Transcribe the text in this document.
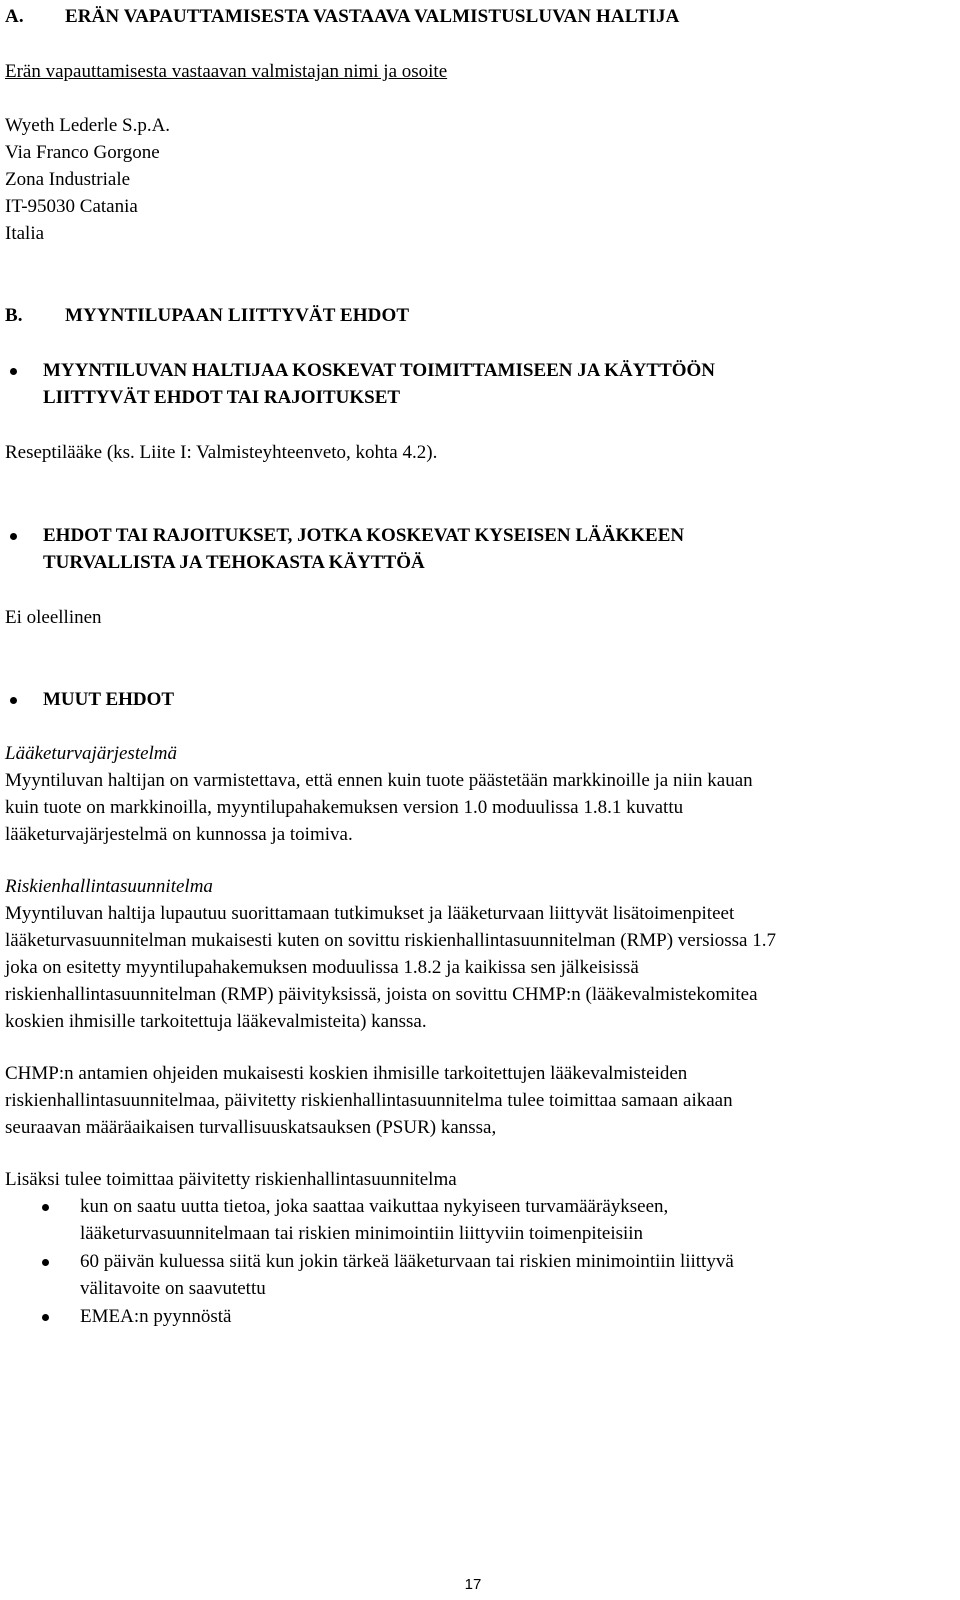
A. ERÄN VAPAUTTAMISESTA VASTAAVA VALMISTUSLUVAN HALTIJA
Erän vapauttamisesta vastaavan valmistajan nimi ja osoite
Wyeth Lederle S.p.A.
Via Franco Gorgone
Zona Industriale
IT-95030 Catania
Italia
B. MYYNTILUPAAN LIITTYVÄT EHDOT
MYYNTILUVAN HALTIJAA KOSKEVAT TOIMITTAMISEEN JA KÄYTTÖÖN
LIITTYVÄT EHDOT TAI RAJOITUKSET
Reseptilääke (ks. Liite I: Valmisteyhteenveto, kohta 4.2).
EHDOT TAI RAJOITUKSET, JOTKA KOSKEVAT KYSEISEN LÄÄKKEEN
TURVALLISTA JA TEHOKASTA KÄYTTÖÄ
Ei oleellinen
MUUT EHDOT
Lääketurvajärjestelmä
Myyntiluvan haltijan on varmistettava, että ennen kuin tuote päästetään markkinoille ja niin kauan
kuin tuote on markkinoilla, myyntilupahakemuksen version 1.0 moduulissa 1.8.1 kuvattu
lääketurvajärjestelmä on kunnossa ja toimiva.
Riskienhallintasuunnitelma
Myyntiluvan haltija lupautuu suorittamaan tutkimukset ja lääketurvaan liittyvät lisätoimenpiteet
lääketurvasuunnitelman mukaisesti kuten on sovittu riskienhallintasuunnitelman (RMP) versiossa 1.7
joka on esitetty myyntilupahakemuksen moduulissa 1.8.2 ja kaikissa sen jälkeisissä
riskienhallintasuunnitelman (RMP) päivityksissä, joista on sovittu CHMP:n (lääkevalmistekomitea
koskien ihmisille tarkoitettuja lääkevalmisteita) kanssa.
CHMP:n antamien ohjeiden mukaisesti koskien ihmisille tarkoitettujen lääkevalmisteiden
riskienhallintasuunnitelmaa, päivitetty riskienhallintasuunnitelma tulee toimittaa samaan aikaan
seuraavan määräaikaisen turvallisuuskatsauksen (PSUR) kanssa,
Lisäksi tulee toimittaa päivitetty riskienhallintasuunnitelma
kun on saatu uutta tietoa, joka saattaa vaikuttaa nykyiseen turvamääräykseen,
lääketurvasuunnitelmaan tai riskien minimointiin liittyviin toimenpiteisiin
60 päivän kuluessa siitä kun jokin tärkeä lääketurvaan tai riskien minimointiin liittyvä
välitavoite on saavutettu
EMEA:n pyynnöstä
17
